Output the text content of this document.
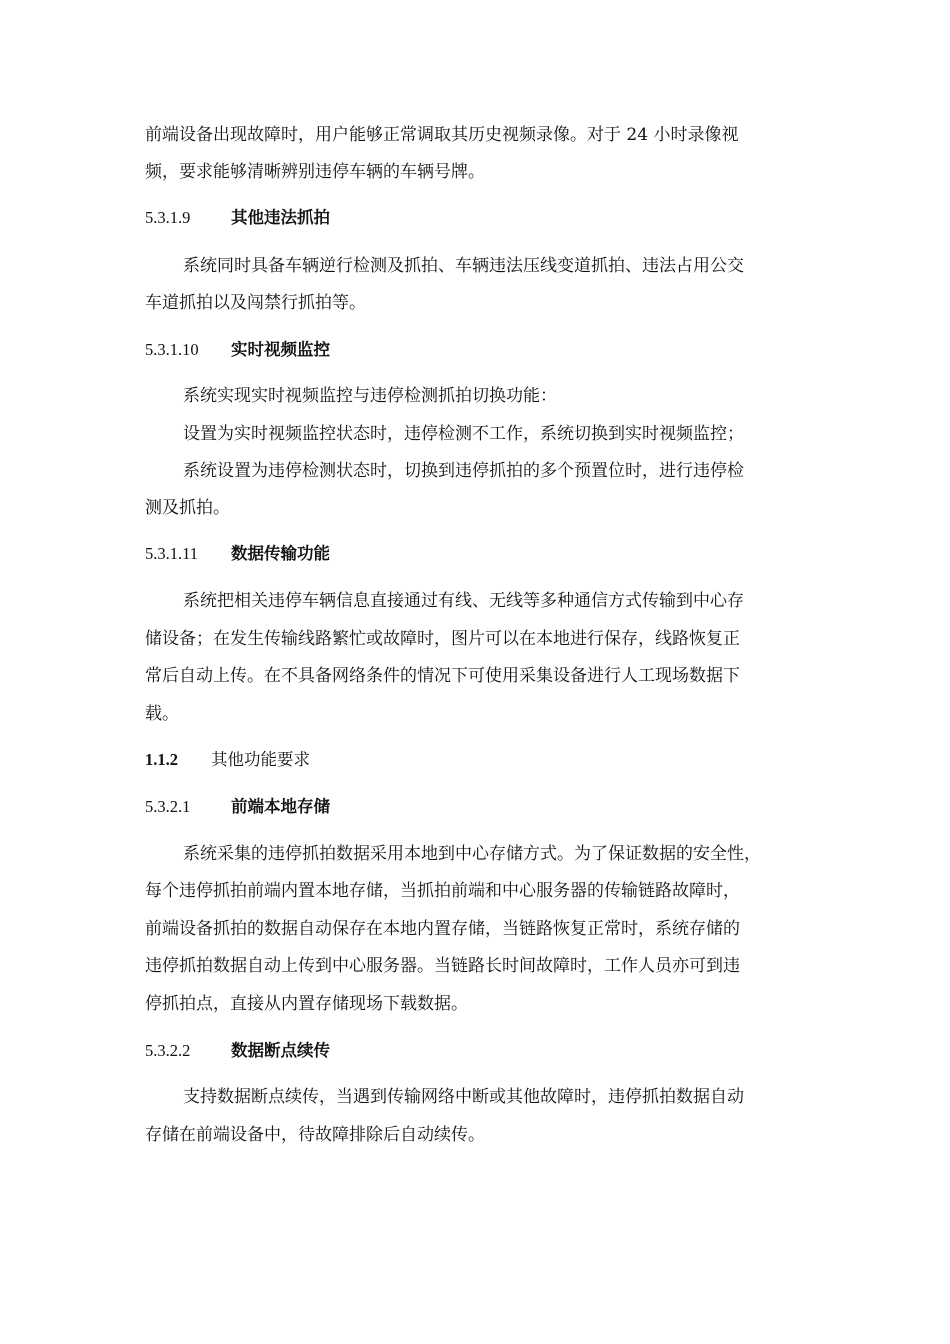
前端设备出现故障时，用户能够正常调取其历史视频录像。对于 24 小时录像视
频，要求能够清晰辨别违停车辆的车辆号牌。
5.3.1.9 其他违法抓拍
系统同时具备车辆逆行检测及抓拍、车辆违法压线变道抓拍、违法占用公交
车道抓拍以及闯禁行抓拍等。
5.3.1.10 实时视频监控
系统实现实时视频监控与违停检测抓拍切换功能：
设置为实时视频监控状态时，违停检测不工作，系统切换到实时视频监控；
系统设置为违停检测状态时，切换到违停抓拍的多个预置位时，进行违停检
测及抓拍。
5.3.1.11 数据传输功能
系统把相关违停车辆信息直接通过有线、无线等多种通信方式传输到中心存
储设备；在发生传输线路繁忙或故障时，图片可以在本地进行保存，线路恢复正
常后自动上传。在不具备网络条件的情况下可使用采集设备进行人工现场数据下
载。
1.1.2 其他功能要求
5.3.2.1 前端本地存储
系统采集的违停抓拍数据采用本地到中心存储方式。为了保证数据的安全性，
每个违停抓拍前端内置本地存储，当抓拍前端和中心服务器的传输链路故障时，
前端设备抓拍的数据自动保存在本地内置存储，当链路恢复正常时，系统存储的
违停抓拍数据自动上传到中心服务器。当链路长时间故障时，工作人员亦可到违
停抓拍点，直接从内置存储现场下载数据。
5.3.2.2 数据断点续传
支持数据断点续传，当遇到传输网络中断或其他故障时，违停抓拍数据自动
存储在前端设备中，待故障排除后自动续传。
